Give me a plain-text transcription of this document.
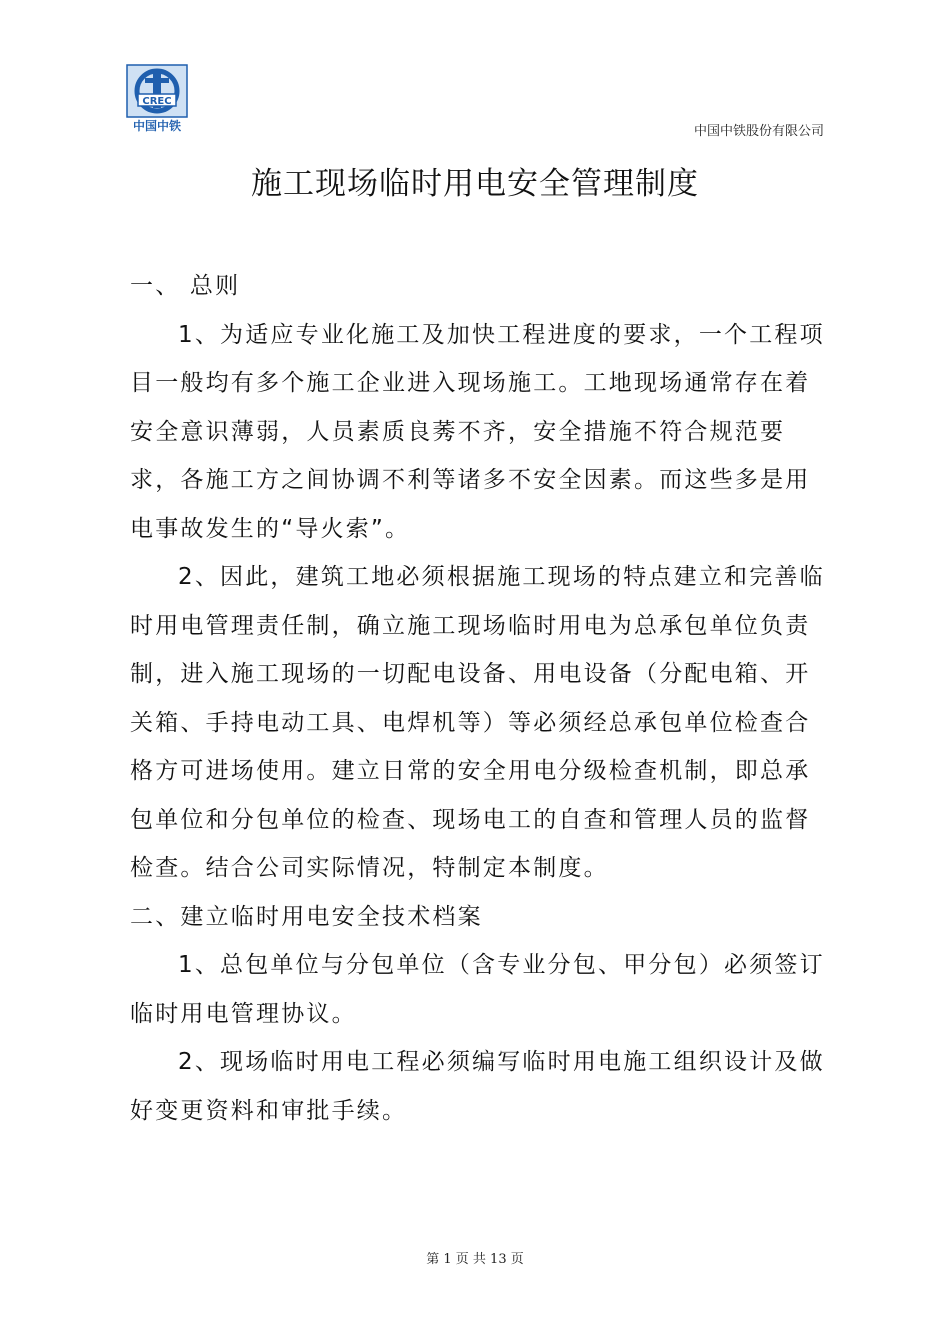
CREC
中国中铁	中国中铁股份有限公司
施工现场临时用电安全管理制度

一、 总则

1、为适应专业化施工及加快工程进度的要求，一个工程项目一般均有多个施工企业进入现场施工。工地现场通常存在着安全意识薄弱，人员素质良莠不齐，安全措施不符合规范要求，各施工方之间协调不利等诸多不安全因素。而这些多是用电事故发生的“导火索”。

2、因此，建筑工地必须根据施工现场的特点建立和完善临时用电管理责任制，确立施工现场临时用电为总承包单位负责制，进入施工现场的一切配电设备、用电设备（分配电箱、开关箱、手持电动工具、电焊机等）等必须经总承包单位检查合格方可进场使用。建立日常的安全用电分级检查机制，即总承包单位和分包单位的检查、现场电工的自查和管理人员的监督检查。结合公司实际情况，特制定本制度。

二、建立临时用电安全技术档案

1、总包单位与分包单位（含专业分包、甲分包）必须签订临时用电管理协议。

2、现场临时用电工程必须编写临时用电施工组织设计及做好变更资料和审批手续。

第 1 页 共 13 页
